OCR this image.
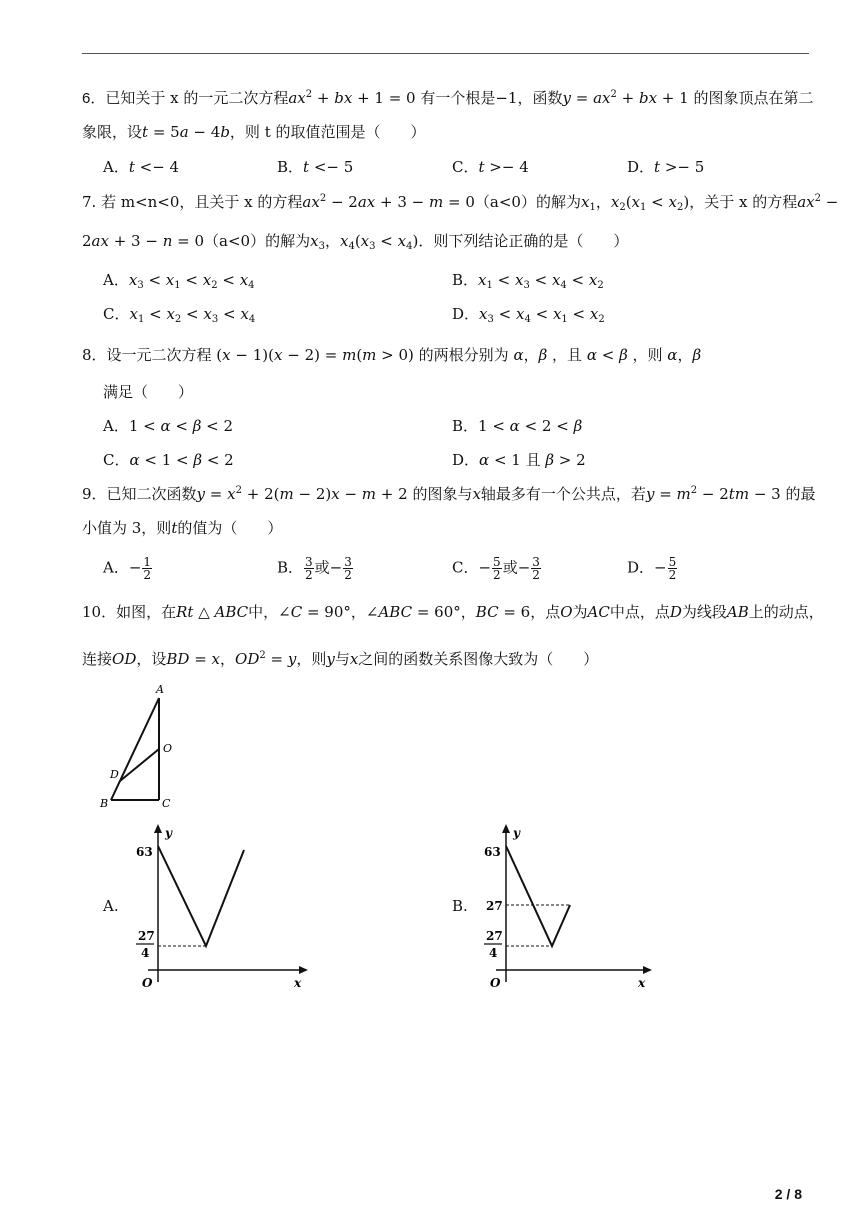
6．已知关于 x 的一元二次方程$ax^2$ + bx + 1 = 0 有一个根是−1，函数$y = ax^2$ + bx + 1 的图象顶点在第二
象限，设t = 5a − 4b，则 t 的取值范围是（　　）
A．t <− 4	B．t <− 5	C．t >− 4	D．t >− 5
7. 若 m<n<0，且关于 x 的方程$ax^2 - 2ax + 3 - m = 0(a<0)$的解为$x_1$，$x_2(x_1 < x_2)$，关于 x 的方程$ax^2$ −
2ax + 3 − n = 0（a<0）的解为$x_3$，$x_4(x_3 < x_4)$．则下列结论正确的是（　　）
A．$x_3 < x_1 < x_2 < x_4$	B．$x_1 < x_3 < x_4 < x_2$
C．$x_1 < x_2 < x_3 < x_4$	D．$x_3 < x_4 < x_1 < x_2$
8．设一元二次方程 (x − 1)(x − 2) = m(m > 0) 的两根分别为 α，β ，且 α < β ，则 α，β
满足（　　）
A．1 < α < β < 2	B．1 < α < 2 < β
C．α < 1 < β < 2	D．α < 1 且 β > 2
9．已知二次函数$y = x^2 + 2(m - 2)x - m + 2$ 的图象与x轴最多有一个公共点，若$y = m^2 - 2tm - 3$ 的最
小值为 3，则t的值为（　　）
A．− $\frac{1}{2}$	B． $\frac{3}{2}$ 或− $\frac{3}{2}$	C．− $\frac{5}{2}$ 或− $\frac{3}{2}$	D．− $\frac{5}{2}$
10．如图，在Rt △ ABC中，∠C = 90°，∠ABC = 60°，BC = 6，点O为AC中点，点D为线段AB上的动点，
连接OD，设BD = x，$OD^2 = y$，则y与x之间的函数关系图像大致为（　　）
A
O
D
B	C
A.
y
x
O
63
27
4
B.
y
x
O
63
27
27
4
2 / 8
